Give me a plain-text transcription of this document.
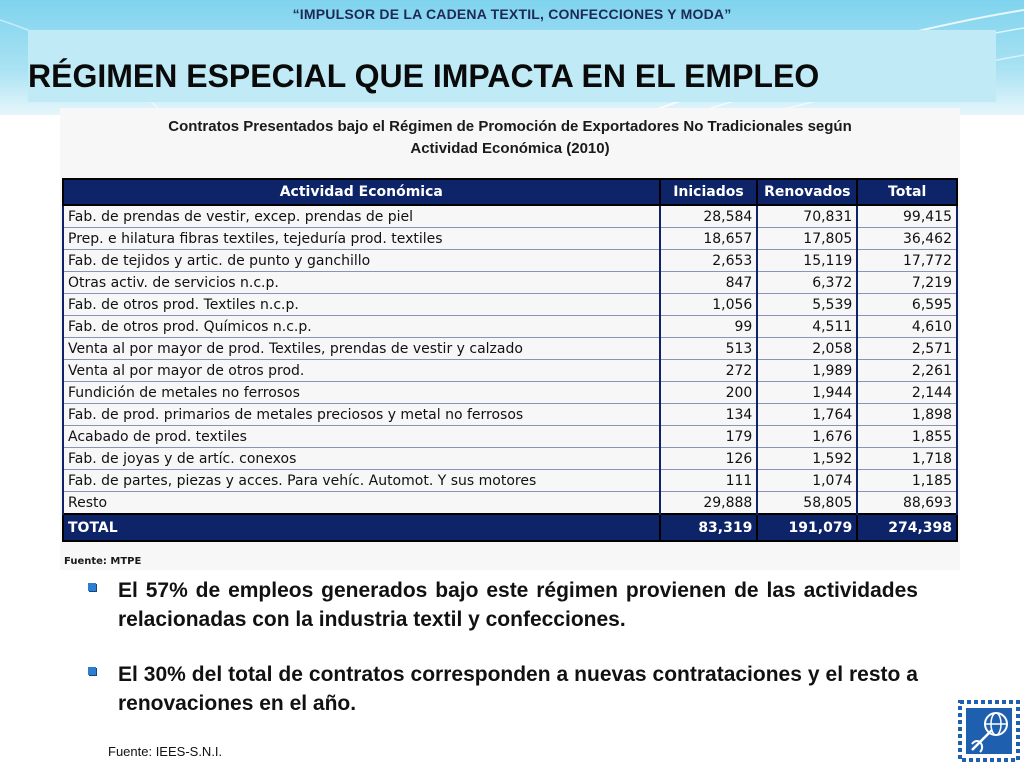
“IMPULSOR DE LA CADENA TEXTIL, CONFECCIONES Y MODA”
RÉGIMEN ESPECIAL QUE IMPACTA EN EL EMPLEO
Contratos Presentados bajo el Régimen de Promoción de Exportadores No Tradicionales según
Actividad Económica (2010)
Actividad Económica	Iniciados	Renovados	Total
Fab. de prendas de vestir, excep. prendas de piel	28,584	70,831	99,415
Prep. e hilatura fibras textiles, tejeduría prod. textiles	18,657	17,805	36,462
Fab. de tejidos y artic. de punto y ganchillo	2,653	15,119	17,772
Otras activ. de servicios n.c.p.	847	6,372	7,219
Fab. de otros prod. Textiles n.c.p.	1,056	5,539	6,595
Fab. de otros prod. Químicos n.c.p.	99	4,511	4,610
Venta al por mayor de prod. Textiles, prendas de vestir y calzado	513	2,058	2,571
Venta al por mayor de otros prod.	272	1,989	2,261
Fundición de metales no ferrosos	200	1,944	2,144
Fab. de prod. primarios de metales preciosos y metal no ferrosos	134	1,764	1,898
Acabado de prod. textiles	179	1,676	1,855
Fab. de joyas y de artíc. conexos	126	1,592	1,718
Fab. de partes, piezas y acces. Para vehíc. Automot. Y sus motores	111	1,074	1,185
Resto	29,888	58,805	88,693
TOTAL	83,319	191,079	274,398
Fuente: MTPE
El 57% de empleos generados bajo este régimen provienen de las actividades relacionadas con la industria textil y confecciones.
El 30% del total de contratos corresponden a nuevas contrataciones y el resto a renovaciones en el año.
Fuente: IEES-S.N.I.
